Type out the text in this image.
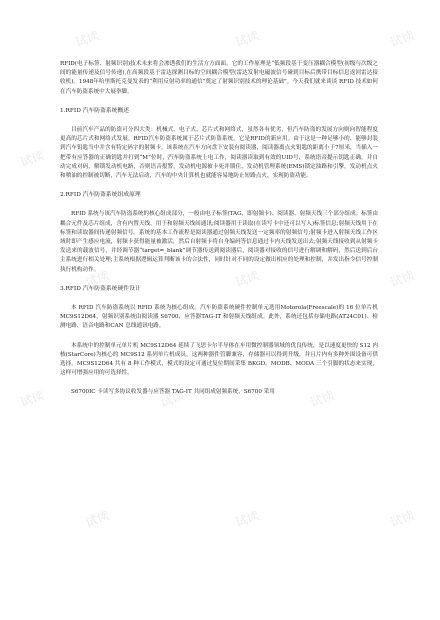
试读	试读	试读
试读	试读	试读
试读	试读	试读
试读	试读	试读
试读	试读	试读

RFID(电子标签、射频识别)技术未来将会渗透我们的生活方方面面。它的工作原理是“低频段基于变压器耦合模型(初级与次级之间的能量传递及信号传递),在高频段基于雷达探测目标的空间耦合模型(雷达发射电磁波信号碰到目标后携带目标信息返回雷达接收机)。1948年哈里斯托克曼发表的“利用反射功率的通信”奠定了射频识别技术的理论基础”。今天我们就来谈谈 RFID 技术如何在汽车防盗系统中大展拳脚。

1.RFID 汽车防盗系统概述

目前汽车产品的防盗可分四大类：机械式、电子式、芯片式和网络式，虽然各有优劣，但汽车防盗的发展方向则向智能程度更高的芯片式和网络式发展。RFID汽车防盗系统属于芯片式防盗系统，它是RFID的新应用。由于这是一种足够小的、能够封装到汽车钥匙当中并含有特定码字的射频卡，该系统在汽车方向盘下安装有阅读器，阅读器离点火钥匙的距离小于7厘米，当插入一把带有应答器的正确钥匙并打到“M”位时，汽车防盗系统上电工作，阅读器读取到有效的UID号，系统语音提示钥匙正确，并自动完成对码，解锁发动机电路，否则语音报警。发动机电源被卡死并锁住、发动机管理系统(EMS)锁定油路和引擎，发动机点火和喷油的控制被切断，汽车无法启动，汽车的中央计算机也就能容易地防止短路点火，实现防盗功能。

2.RFID 汽车防盗系统组成原理

RFID 系统与该汽车防盗系统的核心组成部分，一般由电子标签(TAG，即射频卡)、阅读器、射频天线三个部分组成。标签由耦合元件及芯片组成，含有内置天线，用于和射频天线间通讯;阅读器用于读取(在读写卡中还可以写入)标签信息;射频天线用于在标签和读取器间传递射频信号。系统的基本工作流程是阅读器通过射频天线发送一定频率的射频信号;射频卡进入射频天线工作区域时即产生感应电流，射频卡获得能量被激活，然后自射频卡将自身编码等信息通过卡内天线发送出去;射频天线接收到从射频卡发送来的载波信号，并经调节器“target=_blank”调节器传送到阅读器后，阅读器对接收的信号进行解调和解码，然后送到后台主系统进行相关处理;主系统根据逻辑运算判断该卡的合法性，同时针对不同的设定做出相应的处理和控制，并发出指令信号控制执行机构动作。

3.RFID 汽车防盗系统硬件设计

本 RFID 汽车防盗系统以 RFID 系统为核心组成。汽车防盗系统硬件控制单元选用Motorola(Freescale)的 16 位单片机 MC9S12D64，射频识别系统由阅读器 S6700、应答器TAG-IT 和射频天线组成。此外，系统还包括存储电路(AT24C01)、检测电路、语音电路和CAN 总线通讯电路。

本系统中的控制单元单片机 MC9S12D64 延续了飞思卡尔半导体在车用微控制器领域的优良传统，是以速度更快的 S12 内核(StarCore)为核心的 MC9S12 系列单片机成员，这两种器件管脚兼容，存储器可以得到升级，并且片内有多种外围设备可供选择。MC9S12D64 共有 8 种工作模式，模式的设定可通过复位期间采集 BKGD、MODB、MODA 三个引脚的状态来实现，这样可增强应用的可选择性。

S6700IC 卡读写多协议收发器与应答器 TAG-IT 共同组成射频系统，S6700 采用
